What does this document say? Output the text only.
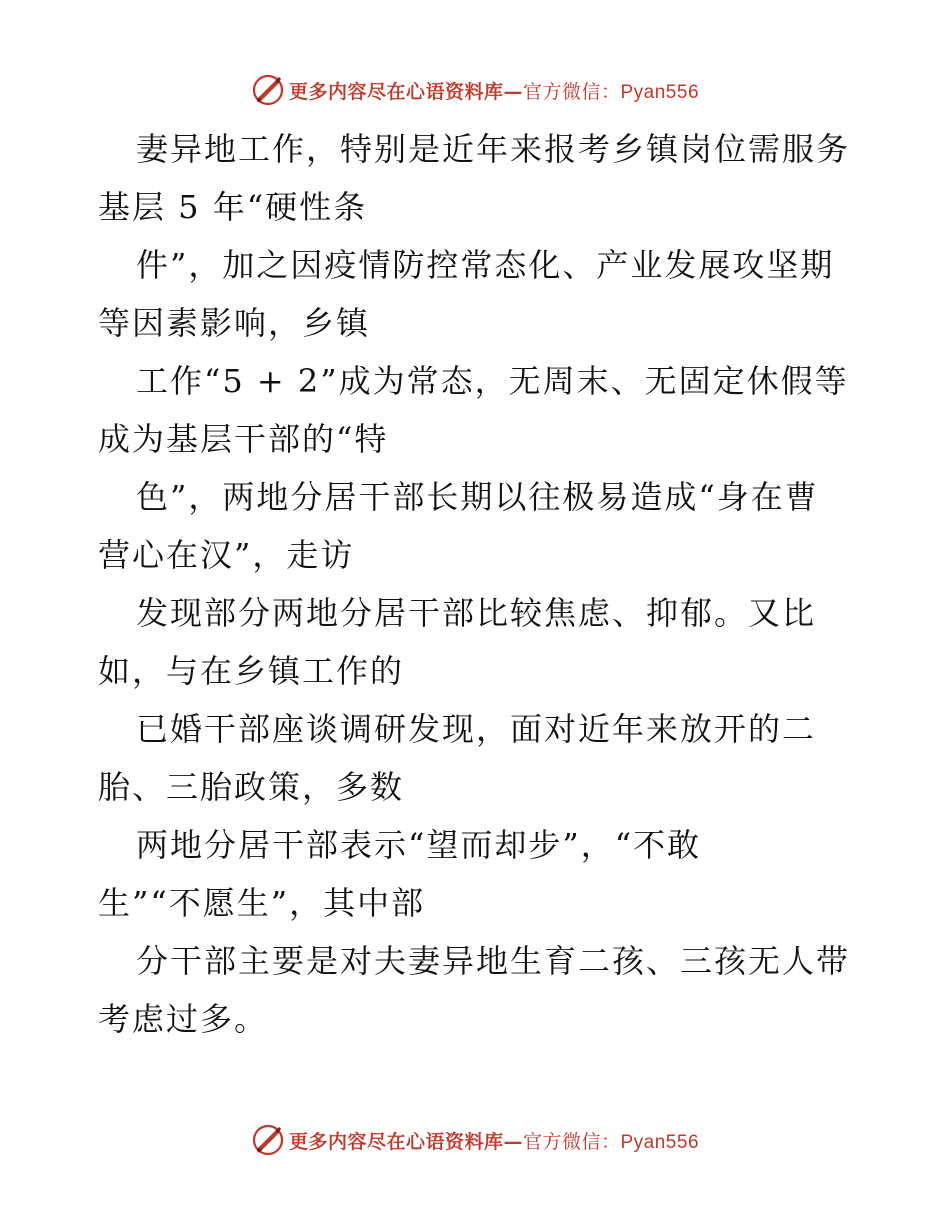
更多内容尽在心语资料库—官方微信：Pyan556
妻异地工作，特别是近年来报考乡镇岗位需服务
基层 5 年“硬性条
件”，加之因疫情防控常态化、产业发展攻坚期
等因素影响，乡镇
工作“5 + 2”成为常态，无周末、无固定休假等
成为基层干部的“特
色”，两地分居干部长期以往极易造成“身在曹
营心在汉”，走访
发现部分两地分居干部比较焦虑、抑郁。又比
如，与在乡镇工作的
已婚干部座谈调研发现，面对近年来放开的二
胎、三胎政策，多数
两地分居干部表示“望而却步”，“不敢
生”“不愿生”，其中部
分干部主要是对夫妻异地生育二孩、三孩无人带
考虑过多。
更多内容尽在心语资料库—官方微信：Pyan556
